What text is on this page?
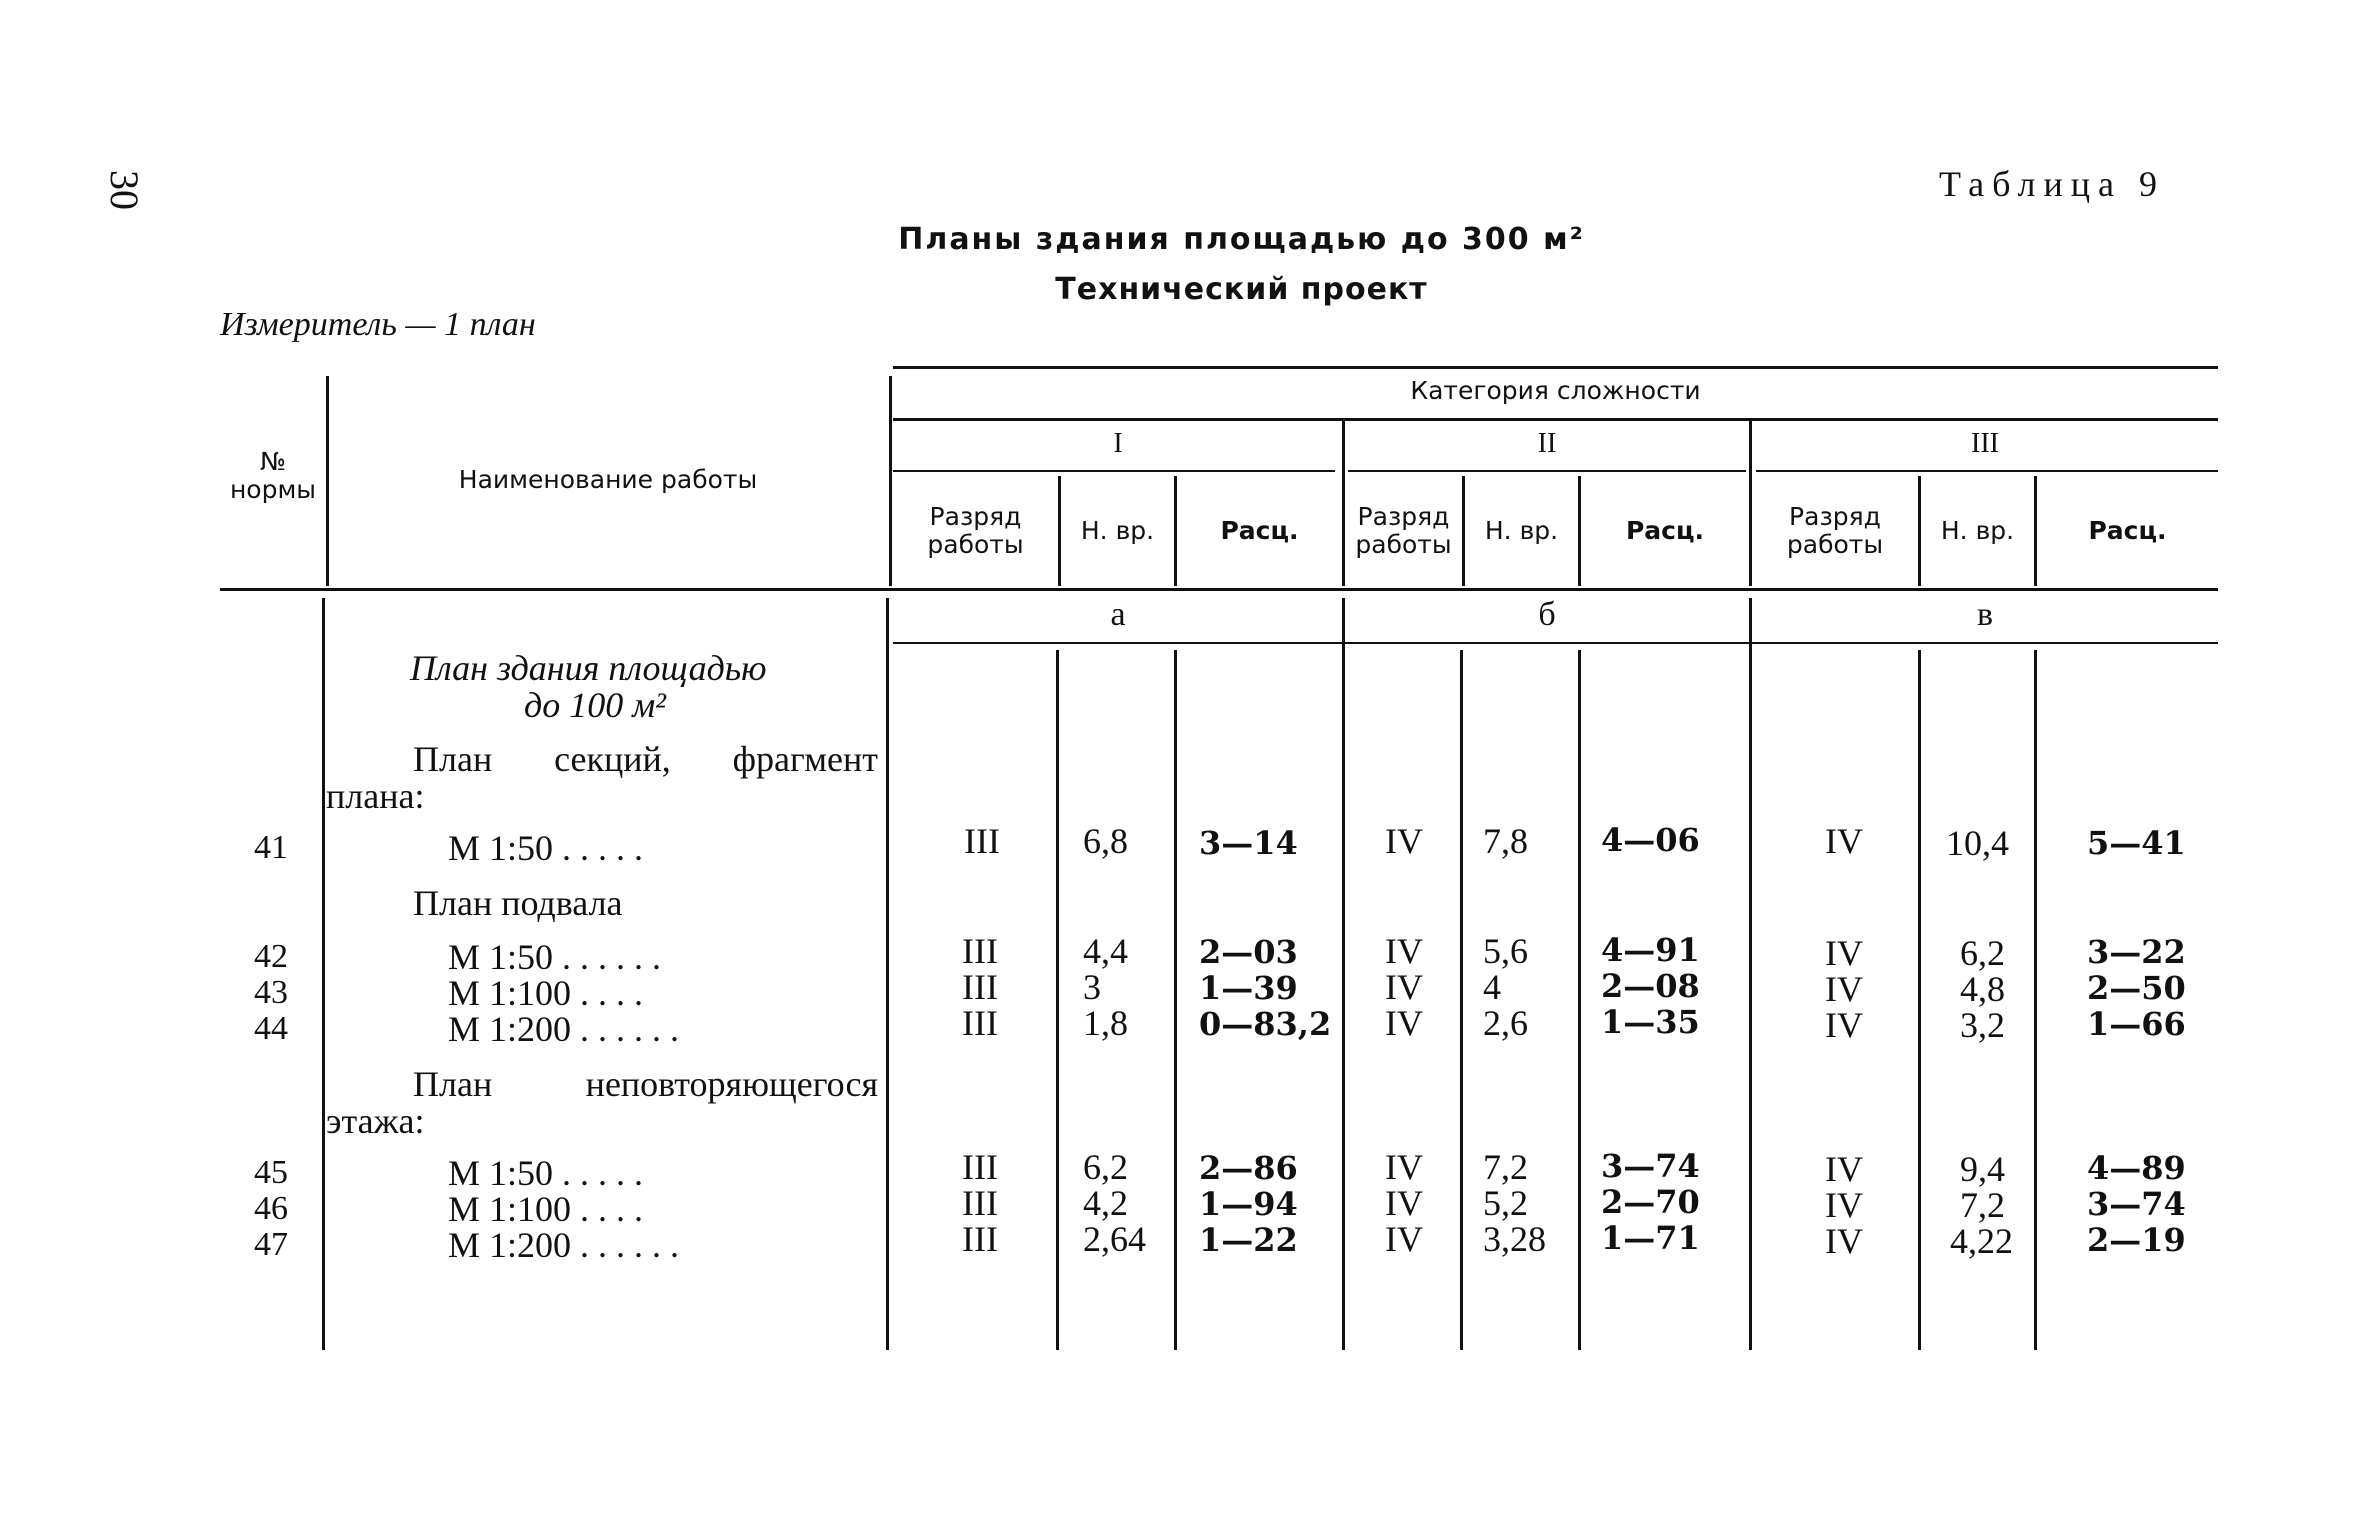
30	Таблица 9
Планы здания площадью до 300 м²
Технический проект
Измеритель — 1 план
№
нормы	Наименование работы
Категория сложности
I	II	III
Разряд
работы	Н. вр.	Расц.	Разряд
работы	Н. вр.	Расц.	Разряд
работы	Н. вр.	Расц.
а	б	в
План здания площадью
до 100 м²
План секций, фрагмент
плана:
План подвала
План неповторяющегося
этажа:
41	М 1:50 . . . . .	III 6,8 3—14 IV 7,8 4—06	IV 10,4 5—41
42	М 1:50 . . . . . .	III 4,4 2—03 IV 5,6 4—91	IV	6,2	3—22
43	М 1:100 . . . .	III 3	1—39 IV 4	2—08	IV	4,8	2—50
44	М 1:200 . . . . . .	III 1,8 0—83,2 IV 2,6 1—35	IV	3,2	1—66
45	М 1:50 . . . . .	III 6,2 2—86 IV 7,2 3—74	IV	9,4	4—89
46	М 1:100 . . . .	III 4,2 1—94 IV 5,2 2—70	IV	7,2	3—74
47	М 1:200 . . . . . .	III 2,64 1—22 IV 3,28 1—71	IV 4,22 2—19
